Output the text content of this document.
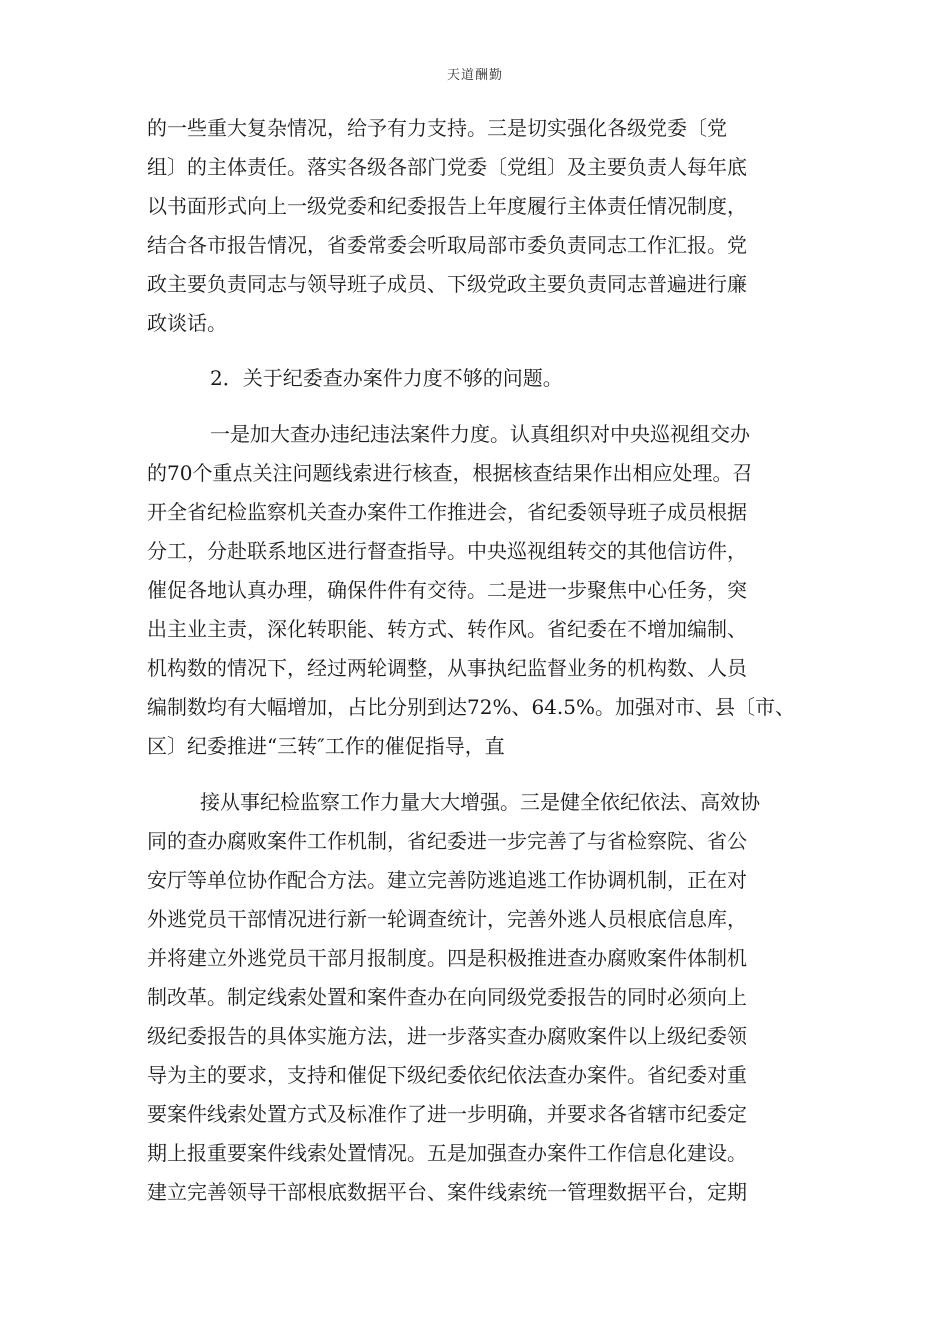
天道酬勤
的一些重大复杂情况，给予有力支持。三是切实强化各级党委〔党
组〕的主体责任。落实各级各部门党委〔党组〕及主要负责人每年底
以书面形式向上一级党委和纪委报告上年度履行主体责任情况制度，
结合各市报告情况，省委常委会听取局部市委负责同志工作汇报。党
政主要负责同志与领导班子成员、下级党政主要负责同志普遍进行廉
政谈话。
2．关于纪委查办案件力度不够的问题。
一是加大查办违纪违法案件力度。认真组织对中央巡视组交办
的70个重点关注问题线索进行核查，根据核查结果作出相应处理。召
开全省纪检监察机关查办案件工作推进会，省纪委领导班子成员根据
分工，分赴联系地区进行督查指导。中央巡视组转交的其他信访件，
催促各地认真办理，确保件件有交待。二是进一步聚焦中心任务，突
出主业主责，深化转职能、转方式、转作风。省纪委在不增加编制、
机构数的情况下，经过两轮调整，从事执纪监督业务的机构数、人员
编制数均有大幅增加，占比分别到达72%、64.5%。加强对市、县〔市、
区〕纪委推进“三转″工作的催促指导，直
接从事纪检监察工作力量大大增强。三是健全依纪依法、高效协
同的查办腐败案件工作机制，省纪委进一步完善了与省检察院、省公
安厅等单位协作配合方法。建立完善防逃追逃工作协调机制，正在对
外逃党员干部情况进行新一轮调查统计，完善外逃人员根底信息库，
并将建立外逃党员干部月报制度。四是积极推进查办腐败案件体制机
制改革。制定线索处置和案件查办在向同级党委报告的同时必须向上
级纪委报告的具体实施方法，进一步落实查办腐败案件以上级纪委领
导为主的要求，支持和催促下级纪委依纪依法查办案件。省纪委对重
要案件线索处置方式及标准作了进一步明确，并要求各省辖市纪委定
期上报重要案件线索处置情况。五是加强查办案件工作信息化建设。
建立完善领导干部根底数据平台、案件线索统一管理数据平台，定期
